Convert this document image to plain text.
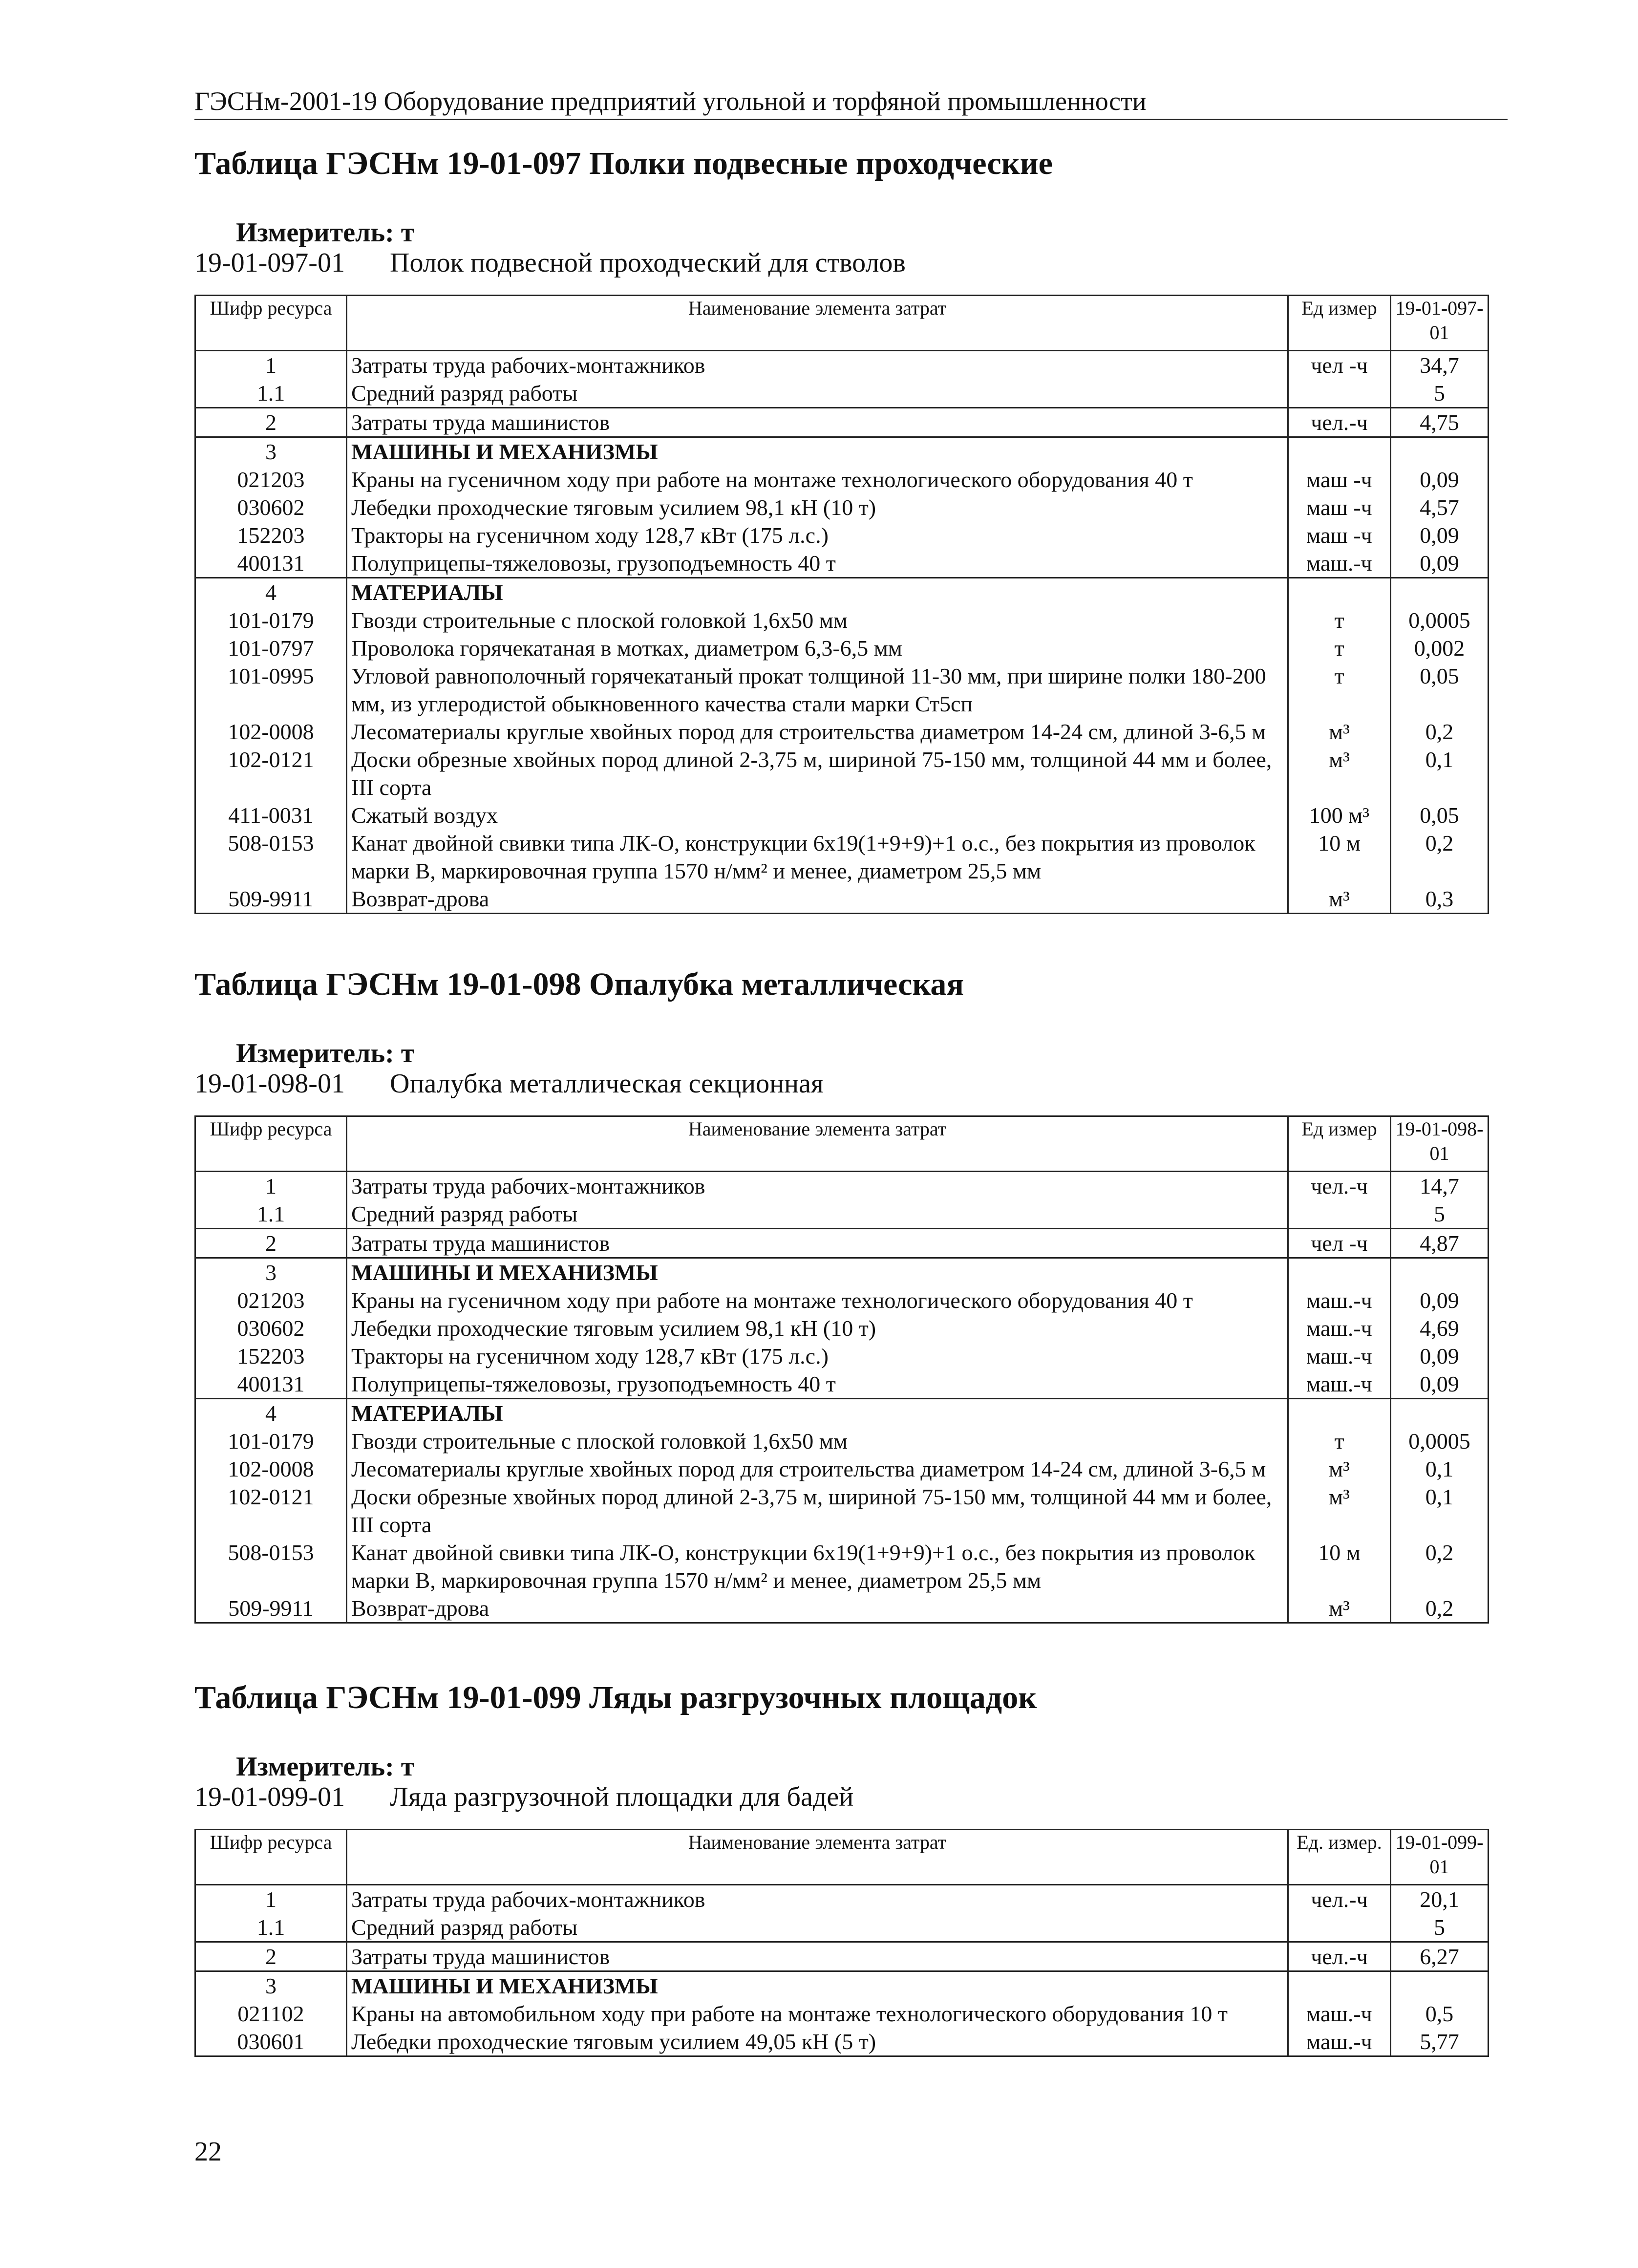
ГЭСНм-2001-19 Оборудование предприятий угольной и торфяной промышленности
Таблица ГЭСНм 19-01-097 Полки подвесные проходческие
Измеритель: т
19-01-097-01 Полок подвесной проходческий для стволов
Шифр ресурса	Наименование элемента затрат	Ед измер	19-01-097-01
1	Затраты труда рабочих-монтажников	чел -ч	34,7
1.1	Средний разряд работы		5
2	Затраты труда машинистов	чел.-ч	4,75
3	МАШИНЫ И МЕХАНИЗМЫ		
021203	Краны на гусеничном ходу при работе на монтаже технологического оборудования 40 т	маш -ч	0,09
030602	Лебедки проходческие тяговым усилием 98,1 кН (10 т)	маш -ч	4,57
152203	Тракторы на гусеничном ходу 128,7 кВт (175 л.с.)	маш -ч	0,09
400131	Полуприцепы-тяжеловозы, грузоподъемность 40 т	маш.-ч	0,09
4	МАТЕРИАЛЫ		
101-0179	Гвозди строительные с плоской головкой 1,6х50 мм	т	0,0005
101-0797	Проволока горячекатаная в мотках, диаметром 6,3-6,5 мм	т	0,002
101-0995	Угловой равнополочный горячекатаный прокат толщиной 11-30 мм, при ширине полки 180-200 мм, из углеродистой обыкновенного качества стали марки Ст5сп	т	0,05
102-0008	Лесоматериалы круглые хвойных пород для строительства диаметром 14-24 см, длиной 3-6,5 м	м³	0,2
102-0121	Доски обрезные хвойных пород длиной 2-3,75 м, шириной 75-150 мм, толщиной 44 мм и более, III сорта	м³	0,1
411-0031	Сжатый воздух	100 м³	0,05
508-0153	Канат двойной свивки типа ЛК-О, конструкции 6х19(1+9+9)+1 о.с., без покрытия из проволок марки В, маркировочная группа 1570 н/мм² и менее, диаметром 25,5 мм	10 м	0,2
509-9911	Возврат-дрова	м³	0,3
Таблица ГЭСНм 19-01-098 Опалубка металлическая
Измеритель: т
19-01-098-01 Опалубка металлическая секционная
Шифр ресурса	Наименование элемента затрат	Ед измер	19-01-098-01
1	Затраты труда рабочих-монтажников	чел.-ч	14,7
1.1	Средний разряд работы		5
2	Затраты труда машинистов	чел -ч	4,87
3	МАШИНЫ И МЕХАНИЗМЫ		
021203	Краны на гусеничном ходу при работе на монтаже технологического оборудования 40 т	маш.-ч	0,09
030602	Лебедки проходческие тяговым усилием 98,1 кН (10 т)	маш.-ч	4,69
152203	Тракторы на гусеничном ходу 128,7 кВт (175 л.с.)	маш.-ч	0,09
400131	Полуприцепы-тяжеловозы, грузоподъемность 40 т	маш.-ч	0,09
4	МАТЕРИАЛЫ		
101-0179	Гвозди строительные с плоской головкой 1,6х50 мм	т	0,0005
102-0008	Лесоматериалы круглые хвойных пород для строительства диаметром 14-24 см, длиной 3-6,5 м	м³	0,1
102-0121	Доски обрезные хвойных пород длиной 2-3,75 м, шириной 75-150 мм, толщиной 44 мм и более, III сорта	м³	0,1
508-0153	Канат двойной свивки типа ЛК-О, конструкции 6х19(1+9+9)+1 о.с., без покрытия из проволок марки В, маркировочная группа 1570 н/мм² и менее, диаметром 25,5 мм	10 м	0,2
509-9911	Возврат-дрова	м³	0,2
Таблица ГЭСНм 19-01-099 Ляды разгрузочных площадок
Измеритель: т
19-01-099-01 Ляда разгрузочной площадки для бадей
Шифр ресурса	Наименование элемента затрат	Ед. измер.	19-01-099-01
1	Затраты труда рабочих-монтажников	чел.-ч	20,1
1.1	Средний разряд работы		5
2	Затраты труда машинистов	чел.-ч	6,27
3	МАШИНЫ И МЕХАНИЗМЫ		
021102	Краны на автомобильном ходу при работе на монтаже технологического оборудования 10 т	маш.-ч	0,5
030601	Лебедки проходческие тяговым усилием 49,05 кН (5 т)	маш.-ч	5,77
22
